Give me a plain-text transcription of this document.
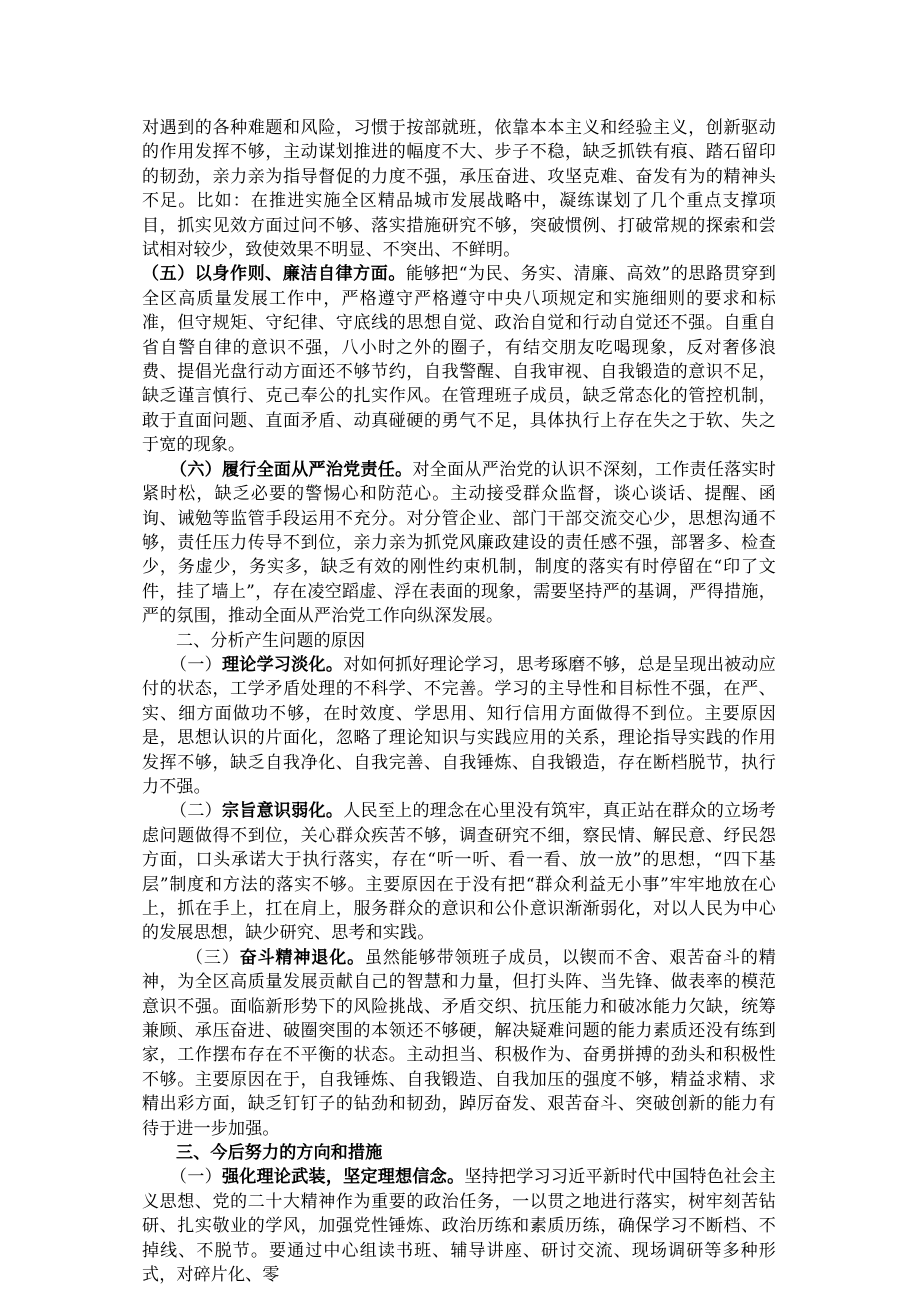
对遇到的各种难题和风险，习惯于按部就班，依靠本本主义和经验主义，创新驱动的作用发挥不够，主动谋划推进的幅度不大、步子不稳，缺乏抓铁有痕、踏石留印的韧劲，亲力亲为指导督促的力度不强，承压奋进、攻坚克难、奋发有为的精神头不足。比如：在推进实施全区精品城市发展战略中，凝练谋划了几个重点支撑项目，抓实见效方面过问不够、落实措施研究不够，突破惯例、打破常规的探索和尝试相对较少，致使效果不明显、不突出、不鲜明。

（五）以身作则、廉洁自律方面。能够把“为民、务实、清廉、高效”的思路贯穿到全区高质量发展工作中，严格遵守严格遵守中央八项规定和实施细则的要求和标准，但守规矩、守纪律、守底线的思想自觉、政治自觉和行动自觉还不强。自重自省自警自律的意识不强，八小时之外的圈子，有结交朋友吃喝现象，反对奢侈浪费、提倡光盘行动方面还不够节约，自我警醒、自我审视、自我锻造的意识不足，缺乏谨言慎行、克己奉公的扎实作风。在管理班子成员，缺乏常态化的管控机制，敢于直面问题、直面矛盾、动真碰硬的勇气不足，具体执行上存在失之于软、失之于宽的现象。

（六）履行全面从严治党责任。对全面从严治党的认识不深刻，工作责任落实时紧时松，缺乏必要的警惕心和防范心。主动接受群众监督，谈心谈话、提醒、函询、诫勉等监管手段运用不充分。对分管企业、部门干部交流交心少，思想沟通不够，责任压力传导不到位，亲力亲为抓党风廉政建设的责任感不强，部署多、检查少，务虚少，务实多，缺乏有效的刚性约束机制，制度的落实有时停留在“印了文件，挂了墙上”，存在凌空蹈虚、浮在表面的现象，需要坚持严的基调，严得措施，严的氛围，推动全面从严治党工作向纵深发展。

二、分析产生问题的原因

（一）理论学习淡化。对如何抓好理论学习，思考琢磨不够，总是呈现出被动应付的状态，工学矛盾处理的不科学、不完善。学习的主导性和目标性不强，在严、实、细方面做功不够，在时效度、学思用、知行信用方面做得不到位。主要原因是，思想认识的片面化，忽略了理论知识与实践应用的关系，理论指导实践的作用发挥不够，缺乏自我净化、自我完善、自我锤炼、自我锻造，存在断档脱节，执行力不强。

（二）宗旨意识弱化。人民至上的理念在心里没有筑牢，真正站在群众的立场考虑问题做得不到位，关心群众疾苦不够，调查研究不细，察民情、解民意、纾民怨方面，口头承诺大于执行落实，存在“听一听、看一看、放一放”的思想，“四下基层”制度和方法的落实不够。主要原因在于没有把“群众利益无小事”牢牢地放在心上，抓在手上，扛在肩上，服务群众的意识和公仆意识渐渐弱化，对以人民为中心的发展思想，缺少研究、思考和实践。

（三）奋斗精神退化。虽然能够带领班子成员，以锲而不舍、艰苦奋斗的精神，为全区高质量发展贡献自己的智慧和力量，但打头阵、当先锋、做表率的模范意识不强。面临新形势下的风险挑战、矛盾交织、抗压能力和破冰能力欠缺，统筹兼顾、承压奋进、破圈突围的本领还不够硬，解决疑难问题的能力素质还没有练到家，工作摆布存在不平衡的状态。主动担当、积极作为、奋勇拼搏的劲头和积极性不够。主要原因在于，自我锤炼、自我锻造、自我加压的强度不够，精益求精、求精出彩方面，缺乏钉钉子的钻劲和韧劲，踔厉奋发、艰苦奋斗、突破创新的能力有待于进一步加强。

三、今后努力的方向和措施

（一）强化理论武装，坚定理想信念。坚持把学习习近平新时代中国特色社会主义思想、党的二十大精神作为重要的政治任务，一以贯之地进行落实，树牢刻苦钻研、扎实敬业的学风，加强党性锤炼、政治历练和素质历练，确保学习不断档、不掉线、不脱节。要通过中心组读书班、辅导讲座、研讨交流、现场调研等多种形式，对碎片化、零
